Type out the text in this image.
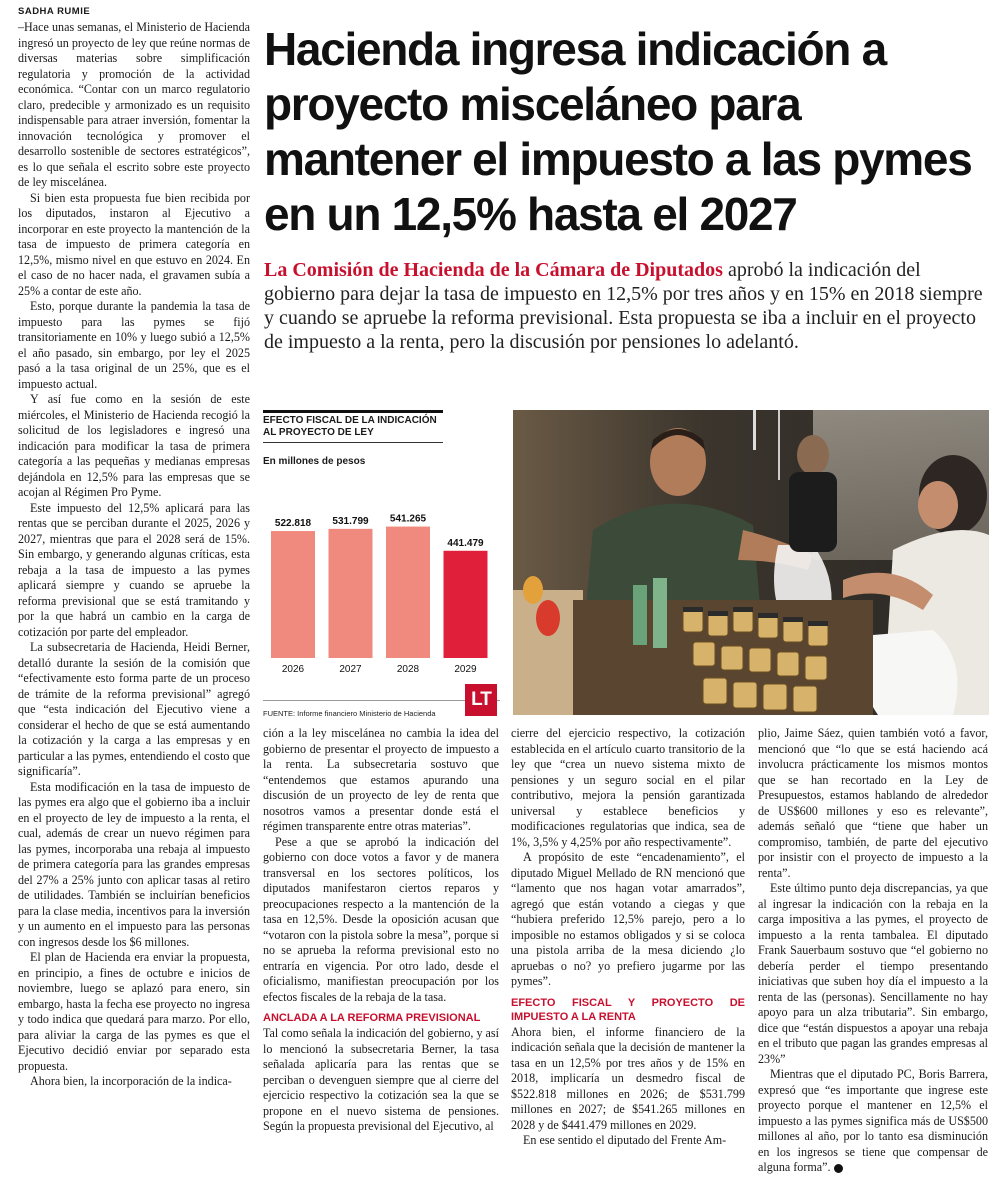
SADHA RUMIE
Hacienda ingresa indicación a proyecto misceláneo para mantener el impuesto a las pymes en un 12,5% hasta el 2027
La Comisión de Hacienda de la Cámara de Diputados aprobó la indicación del gobierno para dejar la tasa de impuesto en 12,5% por tres años y en 15% en 2018 siempre y cuando se apruebe la reforma previsional. Esta propuesta se iba a incluir en el proyecto de impuesto a la renta, pero la discusión por pensiones lo adelantó.

–Hace unas semanas, el Ministerio de Hacienda ingresó un proyecto de ley que reúne normas de diversas materias sobre simplificación regulatoria y promoción de la actividad económica. “Contar con un marco regulatorio claro, predecible y armonizado es un requisito indispensable para atraer inversión, fomentar la innovación tecnológica y promover el desarrollo sostenible de sectores estratégicos”, es lo que señala el escrito sobre este proyecto de ley miscelánea.

Si bien esta propuesta fue bien recibida por los diputados, instaron al Ejecutivo a incorporar en este proyecto la mantención de la tasa de impuesto de primera categoría en 12,5%, mismo nivel en que estuvo en 2024. En el caso de no hacer nada, el gravamen subía a 25% a contar de este año.

Esto, porque durante la pandemia la tasa de impuesto para las pymes se fijó transitoriamente en 10% y luego subió a 12,5% el año pasado, sin embargo, por ley el 2025 pasó a la tasa original de un 25%, que es el impuesto actual.

Y así fue como en la sesión de este miércoles, el Ministerio de Hacienda recogió la solicitud de los legisladores e ingresó una indicación para modificar la tasa de primera categoría a las pequeñas y medianas empresas dejándola en 12,5% para las empresas que se acojan al Régimen Pro Pyme.

Este impuesto del 12,5% aplicará para las rentas que se perciban durante el 2025, 2026 y 2027, mientras que para el 2028 será de 15%. Sin embargo, y generando algunas críticas, esta rebaja a la tasa de impuesto a las pymes aplicará siempre y cuando se apruebe la reforma previsional que se está tramitando y por la que habrá un cambio en la carga de cotización por parte del empleador.

La subsecretaria de Hacienda, Heidi Berner, detalló durante la sesión de la comisión que “efectivamente esto forma parte de un proceso de trámite de la reforma previsional” agregó que “esta indicación del Ejecutivo viene a considerar el hecho de que se está aumentando la cotización y la carga a las empresas y en particular a las pymes, entendiendo el costo que significaría”.

Esta modificación en la tasa de impuesto de las pymes era algo que el gobierno iba a incluir en el proyecto de ley de impuesto a la renta, el cual, además de crear un nuevo régimen para las pymes, incorporaba una rebaja al impuesto de primera categoría para las grandes empresas del 27% a 25% junto con aplicar tasas al retiro de utilidades. También se incluirían beneficios para la clase media, incentivos para la inversión y un aumento en el impuesto para las personas con ingresos desde los $6 millones.

El plan de Hacienda era enviar la propuesta, en principio, a fines de octubre e inicios de noviembre, luego se aplazó para enero, sin embargo, hasta la fecha ese proyecto no ingresa y todo indica que quedará para marzo. Por ello, para aliviar la carga de las pymes es que el Ejecutivo decidió enviar por separado esta propuesta.

Ahora bien, la incorporación de la indica-

EFECTO FISCAL DE LA INDICACIÓN AL PROYECTO DE LEY
En millones de pesos
522.818
2026
531.799
2027
541.265
2028
441.479
2029
FUENTE: Informe financiero Ministerio de Hacienda
LT

ción a la ley miscelánea no cambia la idea del gobierno de presentar el proyecto de impuesto a la renta. La subsecretaria sostuvo que “entendemos que estamos apurando una discusión de un proyecto de ley de renta que nosotros vamos a presentar donde está el régimen transparente entre otras materias”.

Pese a que se aprobó la indicación del gobierno con doce votos a favor y de manera transversal en los sectores políticos, los diputados manifestaron ciertos reparos y preocupaciones respecto a la mantención de la tasa en 12,5%. Desde la oposición acusan que “votaron con la pistola sobre la mesa”, porque si no se aprueba la reforma previsional esto no entraría en vigencia. Por otro lado, desde el oficialismo, manifiestan preocupación por los efectos fiscales de la rebaja de la tasa.

ANCLADA A LA REFORMA PREVISIONAL

Tal como señala la indicación del gobierno, y así lo mencionó la subsecretaria Berner, la tasa señalada aplicaría para las rentas que se perciban o devenguen siempre que al cierre del ejercicio respectivo la cotización sea la que se propone en el nuevo sistema de pensiones. Según la propuesta previsional del Ejecutivo, al

cierre del ejercicio respectivo, la cotización establecida en el artículo cuarto transitorio de la ley que “crea un nuevo sistema mixto de pensiones y un seguro social en el pilar contributivo, mejora la pensión garantizada universal y establece beneficios y modificaciones regulatorias que indica, sea de 1%, 3,5% y 4,25% por año respectivamente”.

A propósito de este “encadenamiento”, el diputado Miguel Mellado de RN mencionó que “lamento que nos hagan votar amarrados”, agregó que están votando a ciegas y que “hubiera preferido 12,5% parejo, pero a lo imposible no estamos obligados y si se coloca una pistola arriba de la mesa diciendo ¿lo apruebas o no? yo prefiero jugarme por las pymes”.

EFECTO FISCAL Y PROYECTO DE IMPUESTO A LA RENTA

Ahora bien, el informe financiero de la indicación señala que la decisión de mantener la tasa en un 12,5% por tres años y de 15% en 2018, implicaría un desmedro fiscal de $522.818 millones en 2026; de $531.799 millones en 2027; de $541.265 millones en 2028 y de $441.479 millones en 2029.

En ese sentido el diputado del Frente Am-

plio, Jaime Sáez, quien también votó a favor, mencionó que “lo que se está haciendo acá involucra prácticamente los mismos montos que se han recortado en la Ley de Presupuestos, estamos hablando de alrededor de US$600 millones y eso es relevante”, además señaló que “tiene que haber un compromiso, también, de parte del ejecutivo por insistir con el proyecto de impuesto a la renta”.

Este último punto deja discrepancias, ya que al ingresar la indicación con la rebaja en la carga impositiva a las pymes, el proyecto de impuesto a la renta tambalea. El diputado Frank Sauerbaum sostuvo que “el gobierno no debería perder el tiempo presentando iniciativas que suben hoy día el impuesto a la renta de las (personas). Sencillamente no hay apoyo para un alza tributaria”. Sin embargo, dice que “están dispuestos a apoyar una rebaja en el tributo que pagan las grandes empresas al 23%”

Mientras que el diputado PC, Boris Barrera, expresó que “es importante que ingrese este proyecto porque el mantener en 12,5% el impuesto a las pymes significa más de US$500 millones al año, por lo tanto esa disminución en los ingresos se tiene que compensar de alguna forma”. P
